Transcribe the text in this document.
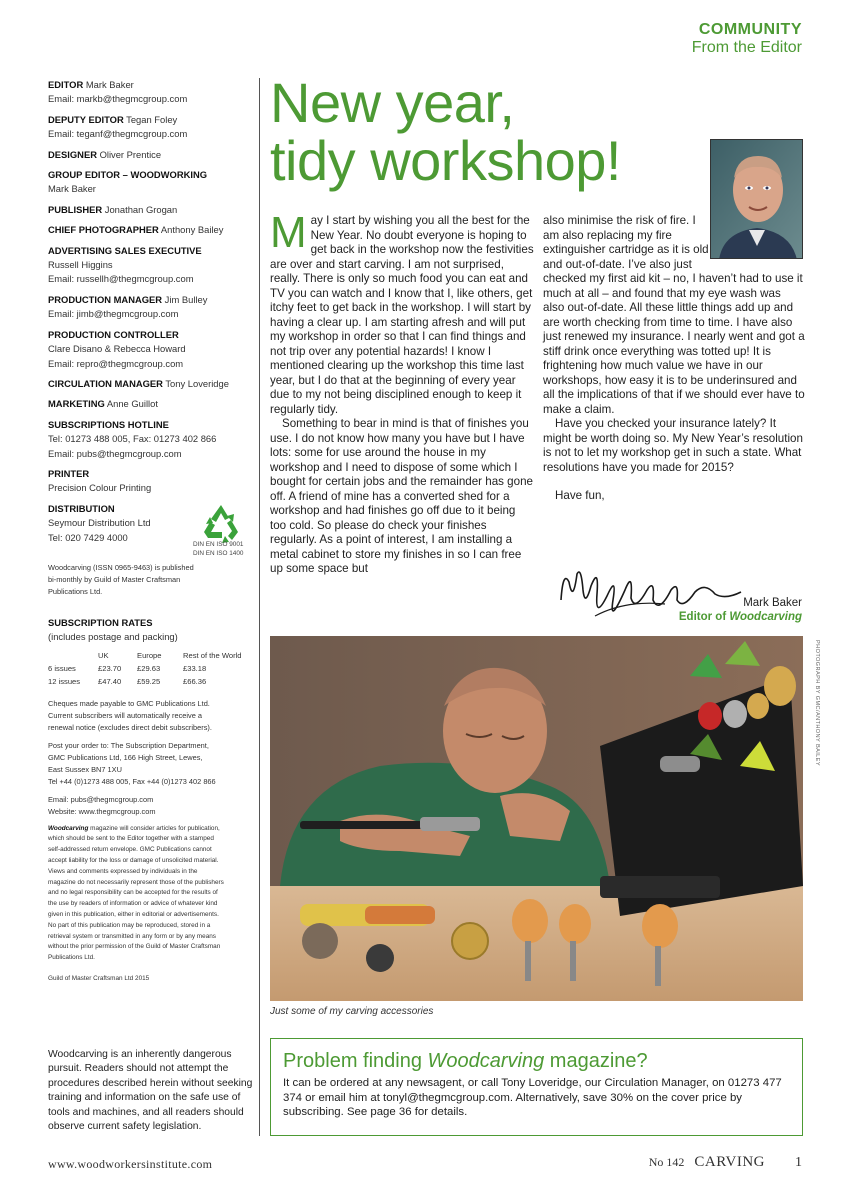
COMMUNITY
From the Editor
EDITOR Mark Baker
Email: markb@thegmcgroup.com
DEPUTY EDITOR Tegan Foley
Email: teganf@thegmcgroup.com
DESIGNER Oliver Prentice
GROUP EDITOR – WOODWORKING
Mark Baker
PUBLISHER Jonathan Grogan
CHIEF PHOTOGRAPHER Anthony Bailey
ADVERTISING SALES EXECUTIVE
Russell Higgins
Email: russellh@thegmcgroup.com
PRODUCTION MANAGER Jim Bulley
Email: jimb@thegmcgroup.com
PRODUCTION CONTROLLER
Clare Disano & Rebecca Howard
Email: repro@thegmcgroup.com
CIRCULATION MANAGER Tony Loveridge
MARKETING Anne Guillot
SUBSCRIPTIONS HOTLINE
Tel: 01273 488 005, Fax: 01273 402 866
Email: pubs@thegmcgroup.com
PRINTER
Precision Colour Printing
DISTRIBUTION
Seymour Distribution Ltd
Tel: 020 7429 4000
DIN EN ISO 9001
DIN EN ISO 1400
Woodcarving (ISSN 0965-9463) is published
bi-monthly by Guild of Master Craftsman
Publications Ltd.
SUBSCRIPTION RATES
(includes postage and packing)
	UK	Europe	Rest of the World
6 issues	£23.70	£29.63	£33.18
12 issues	£47.40	£59.25	£66.36
Cheques made payable to GMC Publications Ltd.
Current subscribers will automatically receive a
renewal notice (excludes direct debit subscribers).
Post your order to: The Subscription Department,
GMC Publications Ltd, 166 High Street, Lewes,
East Sussex BN7 1XU
Tel +44 (0)1273 488 005, Fax +44 (0)1273 402 866
Email: pubs@thegmcgroup.com
Website: www.thegmcgroup.com
Woodcarving magazine will consider articles for publication,
which should be sent to the Editor together with a stamped
self-addressed return envelope. GMC Publications cannot
accept liability for the loss or damage of unsolicited material.
Views and comments expressed by individuals in the
magazine do not necessarily represent those of the publishers
and no legal responsibility can be accepted for the results of
the use by readers of information or advice of whatever kind
given in this publication, either in editorial or advertisements.
No part of this publication may be reproduced, stored in a
retrieval system or transmitted in any form or by any means
without the prior permission of the Guild of Master Craftsman
Publications Ltd.
Guild of Master Craftsman Ltd 2015
Woodcarving is an inherently dangerous pursuit. Readers should not attempt the procedures described herein without seeking training and information on the safe use of tools and machines, and all readers should observe current safety legislation.
New year,
tidy workshop!

May I start by wishing you all the best for the New Year. No doubt everyone is hoping to get back in the workshop now the festivities are over and start carving. I am not surprised, really. There is only so much food you can eat and TV you can watch and I know that I, like others, get itchy feet to get back in the workshop. I will start by having a clear up. I am starting afresh and will put my workshop in order so that I can find things and not trip over any potential hazards! I know I mentioned clearing up the workshop this time last year, but I do that at the beginning of every year due to my not being disciplined enough to keep it regularly tidy.

Something to bear in mind is that of finishes you use. I do not know how many you have but I have lots: some for use around the house in my workshop and I need to dispose of some which I bought for certain jobs and the remainder has gone off. A friend of mine has a converted shed for a workshop and had finishes go off due to it being too cold. So please do check your finishes regularly. As a point of interest, I am installing a metal cabinet to store my finishes in so I can free up some space but

also minimise the risk of fire. I am also replacing my fire extinguisher cartridge as it is old and out-of-date. I’ve also just checked my first aid kit – no, I haven’t had to use it much at all – and found that my eye wash was also out-of-date. All these little things add up and are worth checking from time to time. I have also just renewed my insurance. I nearly went and got a stiff drink once everything was totted up! It is frightening how much value we have in our workshops, how easy it is to be underinsured and all the implications of that if we should ever have to make a claim.

Have you checked your insurance lately? It might be worth doing so. My New Year’s resolution is not to let my workshop get in such a state. What resolutions have you made for 2015?

Have fun,

Mark Baker
Editor of Woodcarving
PHOTOGRAPH BY GMC/ANTHONY BAILEY
Just some of my carving accessories
Problem finding Woodcarving magazine?
It can be ordered at any newsagent, or call Tony Loveridge, our Circulation Manager, on 01273 477 374 or email him at tonyl@thegmcgroup.com. Alternatively, save 30% on the cover price by subscribing. See page 36 for details.
www.woodworkersinstitute.com	No 142 CARVING 1
